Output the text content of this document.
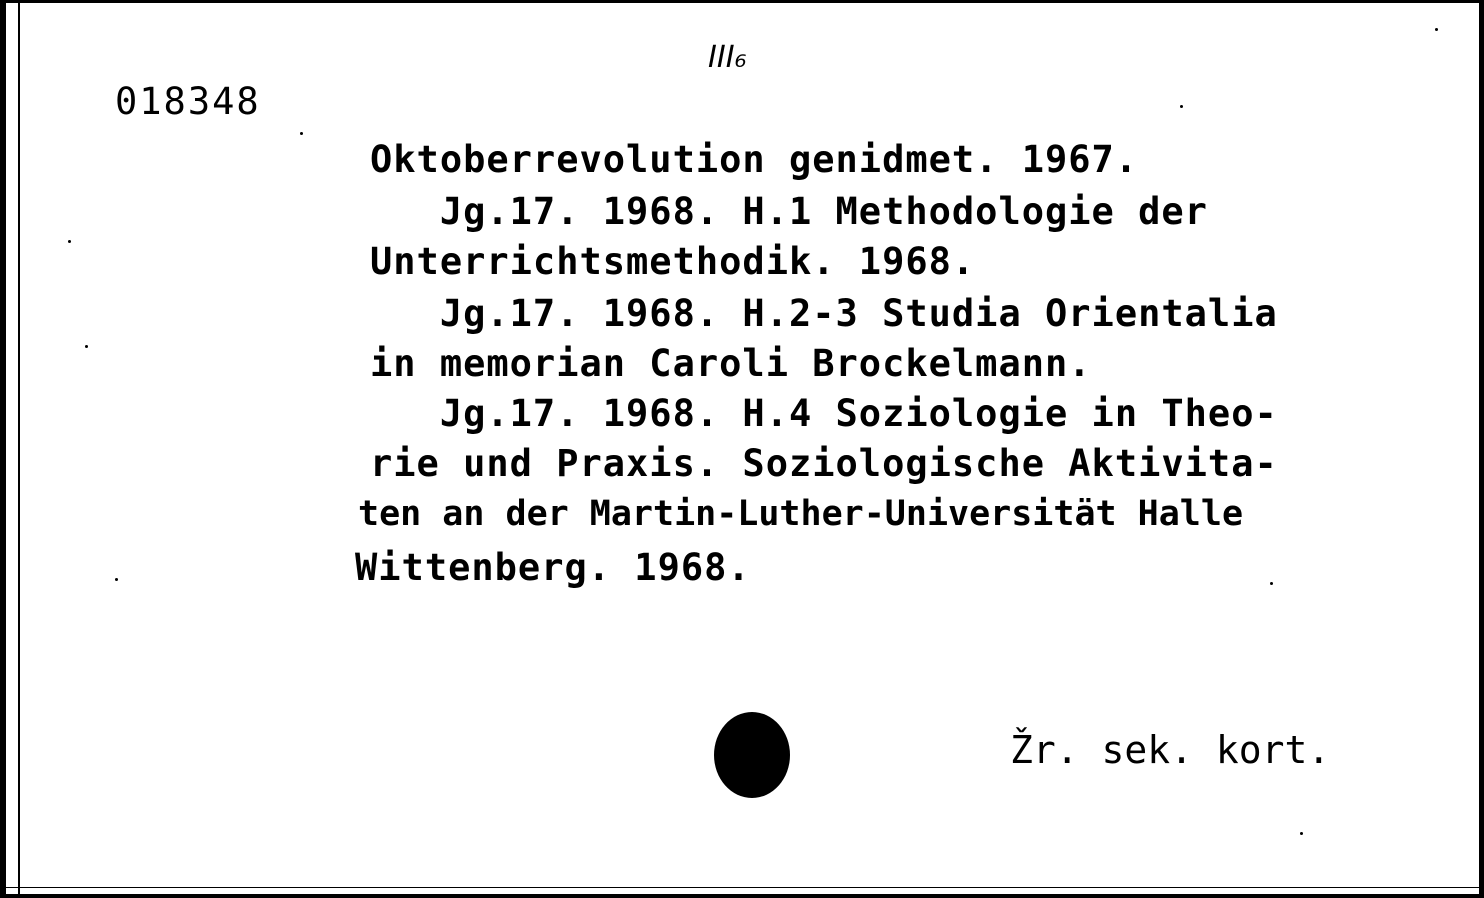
III₆
018348
Oktoberrevolution genidmet. 1967.
Jg.17. 1968. H.1 Methodologie der
Unterrichtsmethodik. 1968.
Jg.17. 1968. H.2-3 Studia Orientalia
in memorian Caroli Brockelmann.
Jg.17. 1968. H.4 Soziologie in Theo-
rie und Praxis. Soziologische Aktivita-
ten an der Martin-Luther-Universität Halle
Wittenberg. 1968.
Žr. sek. kort.
